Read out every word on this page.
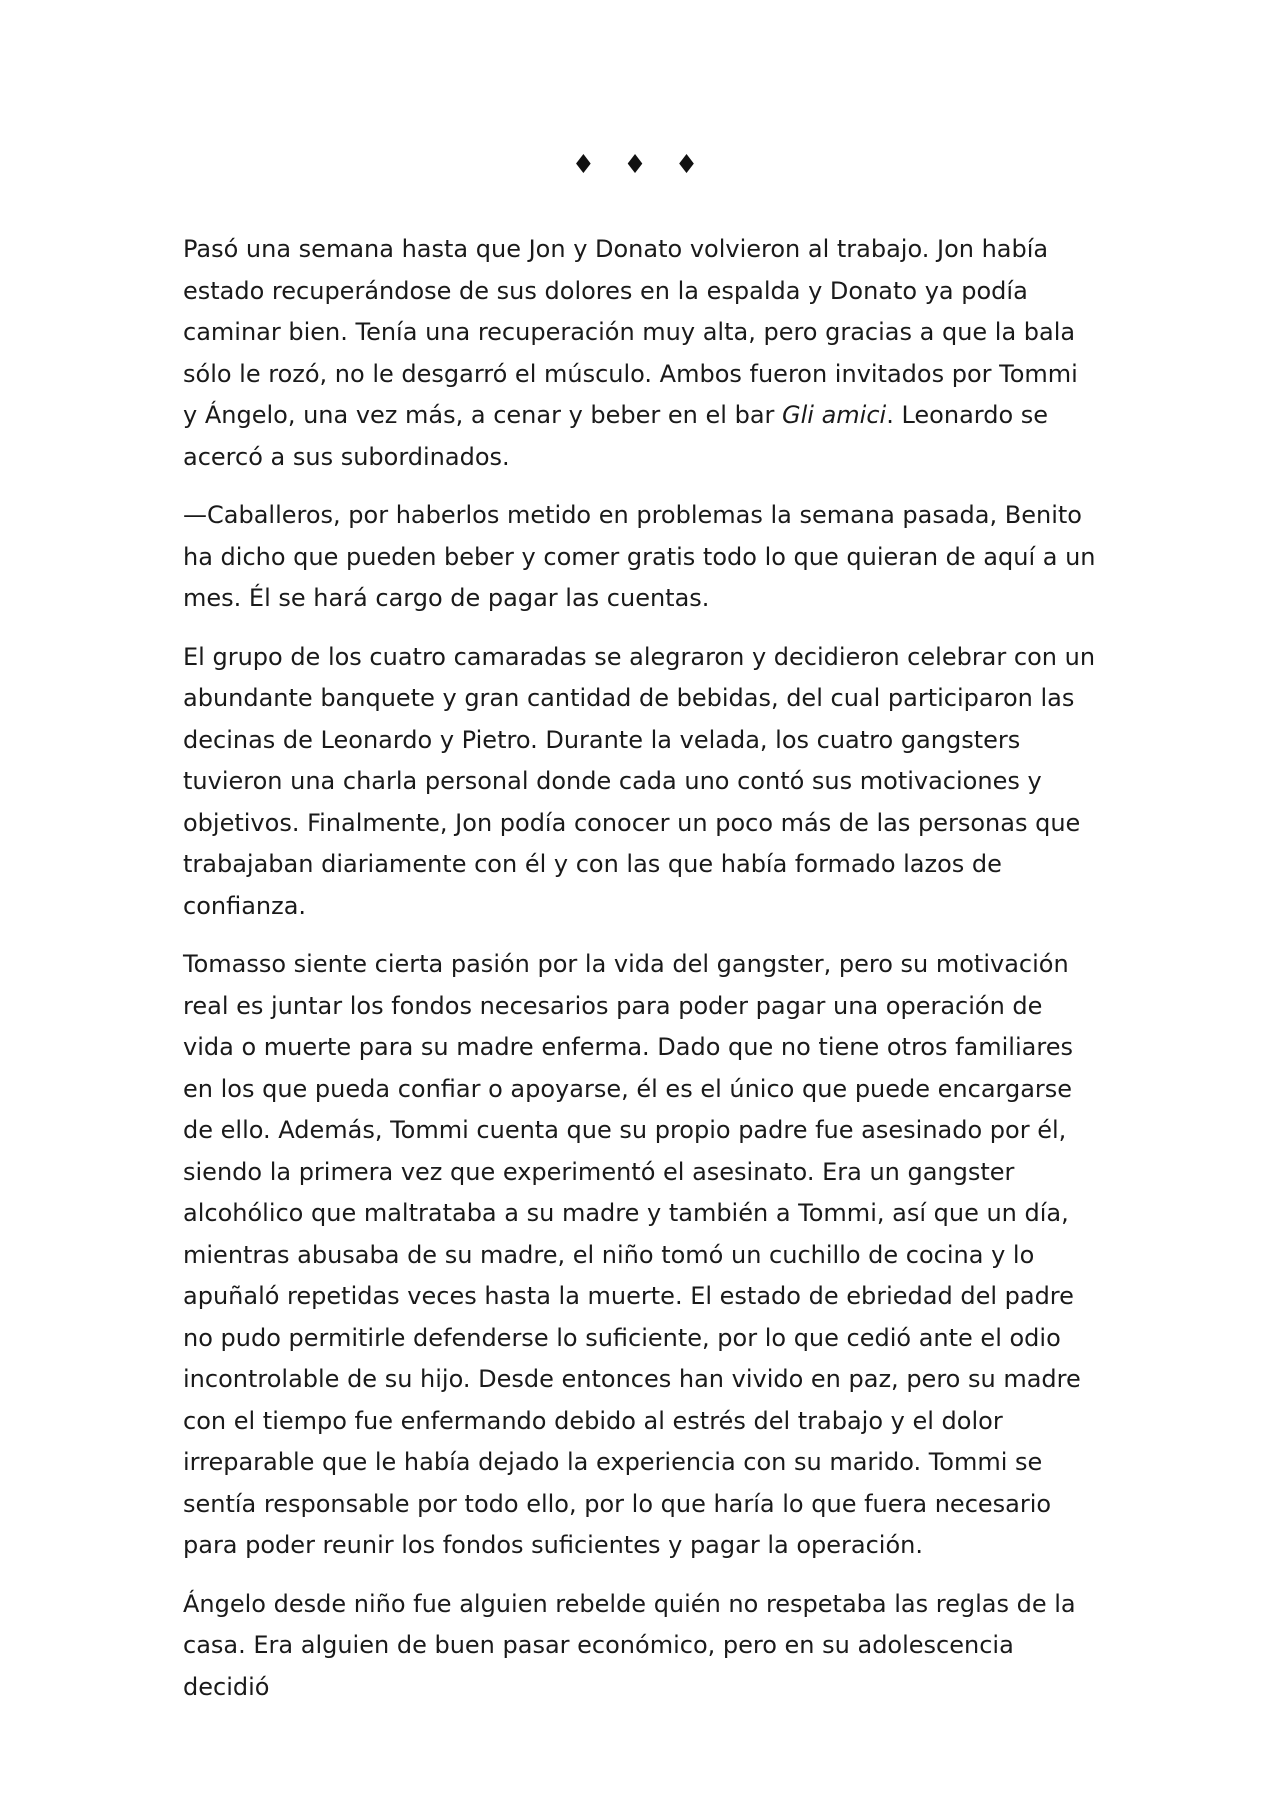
♦ ♦ ♦

Pasó una semana hasta que Jon y Donato volvieron al trabajo. Jon había estado recuperándose de sus dolores en la espalda y Donato ya podía caminar bien. Tenía una recuperación muy alta, pero gracias a que la bala sólo le rozó, no le desgarró el músculo. Ambos fueron invitados por Tommi y Ángelo, una vez más, a cenar y beber en el bar Gli amici. Leonardo se acercó a sus subordinados.

—Caballeros, por haberlos metido en problemas la semana pasada, Benito ha dicho que pueden beber y comer gratis todo lo que quieran de aquí a un mes. Él se hará cargo de pagar las cuentas.

El grupo de los cuatro camaradas se alegraron y decidieron celebrar con un abundante banquete y gran cantidad de bebidas, del cual participaron las decinas de Leonardo y Pietro. Durante la velada, los cuatro gangsters tuvieron una charla personal donde cada uno contó sus motivaciones y objetivos. Finalmente, Jon podía conocer un poco más de las personas que trabajaban diariamente con él y con las que había formado lazos de confianza.

Tomasso siente cierta pasión por la vida del gangster, pero su motivación real es juntar los fondos necesarios para poder pagar una operación de vida o muerte para su madre enferma. Dado que no tiene otros familiares en los que pueda confiar o apoyarse, él es el único que puede encargarse de ello. Además, Tommi cuenta que su propio padre fue asesinado por él, siendo la primera vez que experimentó el asesinato. Era un gangster alcohólico que maltrataba a su madre y también a Tommi, así que un día, mientras abusaba de su madre, el niño tomó un cuchillo de cocina y lo apuñaló repetidas veces hasta la muerte. El estado de ebriedad del padre no pudo permitirle defenderse lo suficiente, por lo que cedió ante el odio incontrolable de su hijo. Desde entonces han vivido en paz, pero su madre con el tiempo fue enfermando debido al estrés del trabajo y el dolor irreparable que le había dejado la experiencia con su marido. Tommi se sentía responsable por todo ello, por lo que haría lo que fuera necesario para poder reunir los fondos suficientes y pagar la operación.

Ángelo desde niño fue alguien rebelde quién no respetaba las reglas de la casa. Era alguien de buen pasar económico, pero en su adolescencia decidió
